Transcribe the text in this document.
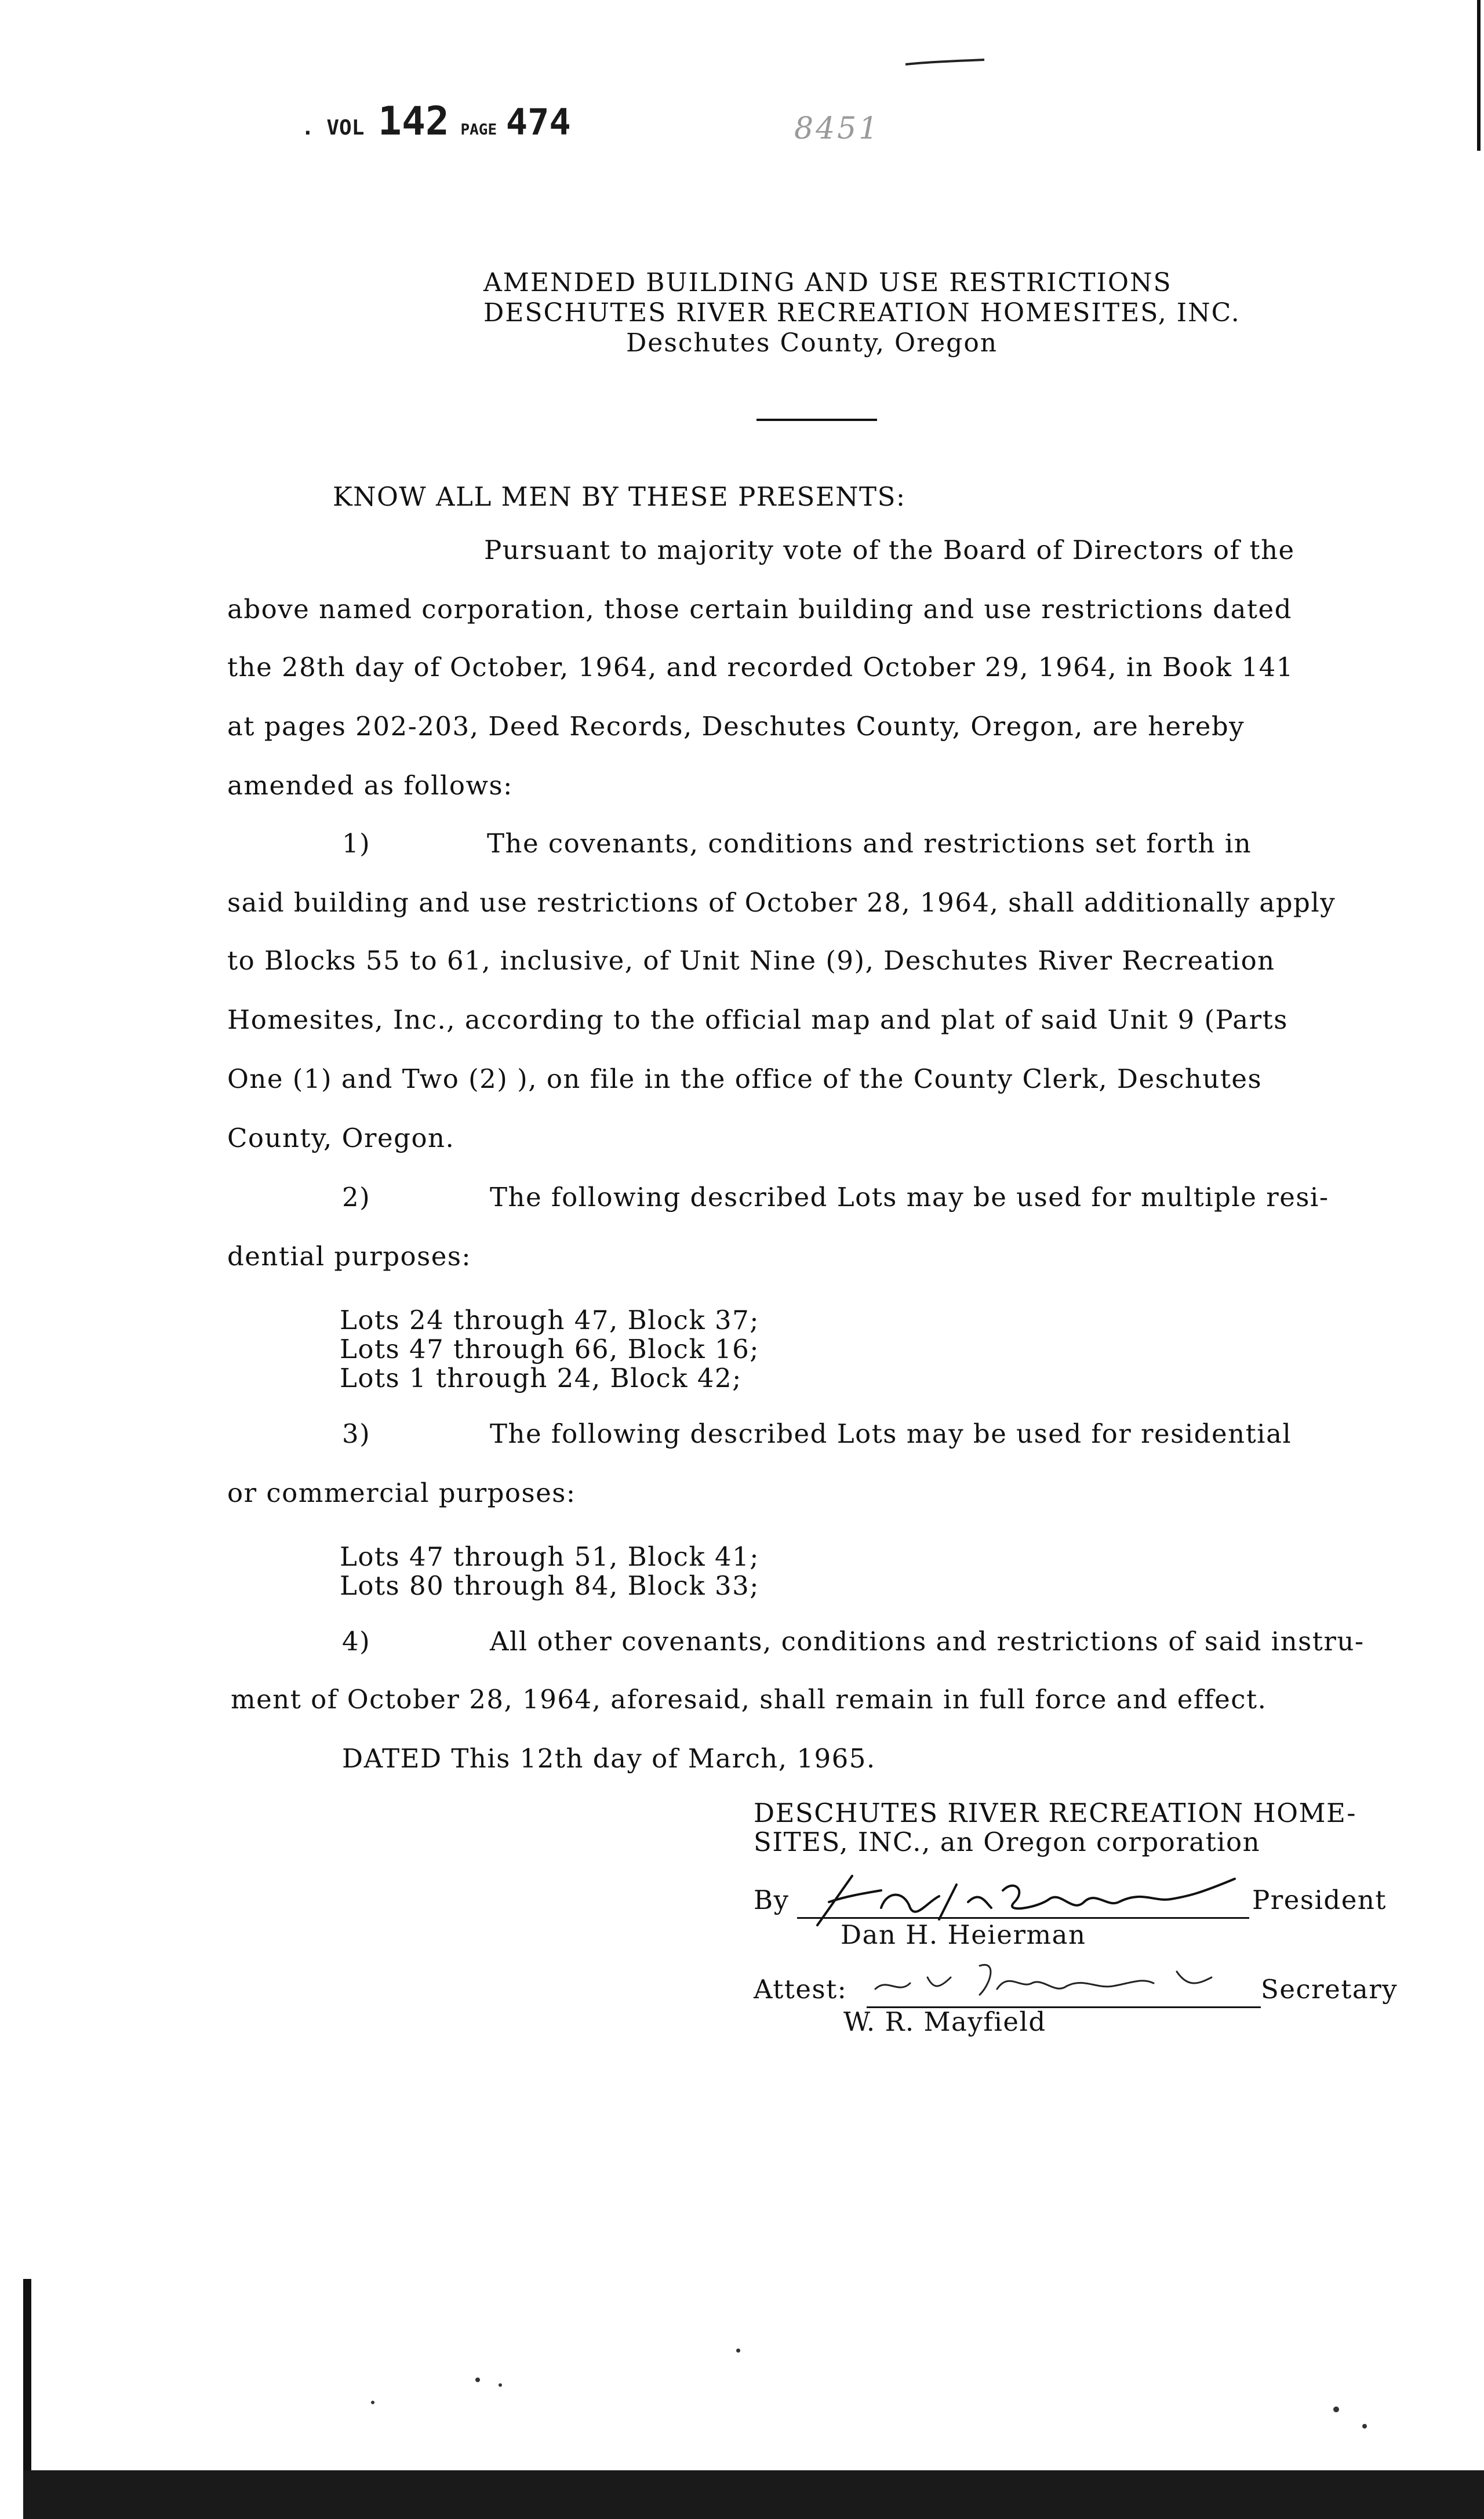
. VOL 142 PAGE 474	8451
AMENDED BUILDING AND USE RESTRICTIONS
DESCHUTES RIVER RECREATION HOMESITES, INC.
Deschutes County, Oregon
KNOW ALL MEN BY THESE PRESENTS:
Pursuant to majority vote of the Board of Directors of the
above named corporation, those certain building and use restrictions dated
the 28th day of October, 1964, and recorded October 29, 1964, in Book 141
at pages 202-203, Deed Records, Deschutes County, Oregon, are hereby
amended as follows:
1)	The covenants, conditions and restrictions set forth in
said building and use restrictions of October 28, 1964, shall additionally apply
to Blocks 55 to 61, inclusive, of Unit Nine (9), Deschutes River Recreation
Homesites, Inc., according to the official map and plat of said Unit 9 (Parts
One (1) and Two (2) ), on file in the office of the County Clerk, Deschutes
County, Oregon.
2)	The following described Lots may be used for multiple resi-
dential purposes:
Lots 24 through 47, Block 37;
Lots 47 through 66, Block 16;
Lots 1 through 24, Block 42;
3)	The following described Lots may be used for residential
or commercial purposes:
Lots 47 through 51, Block 41;
Lots 80 through 84, Block 33;
4)	All other covenants, conditions and restrictions of said instru-
ment of October 28, 1964, aforesaid, shall remain in full force and effect.
DATED This 12th day of March, 1965.
DESCHUTES RIVER RECREATION HOME-
SITES, INC., an Oregon corporation
By	President
Dan H. Heierman
Attest:	Secretary
W. R. Mayfield
